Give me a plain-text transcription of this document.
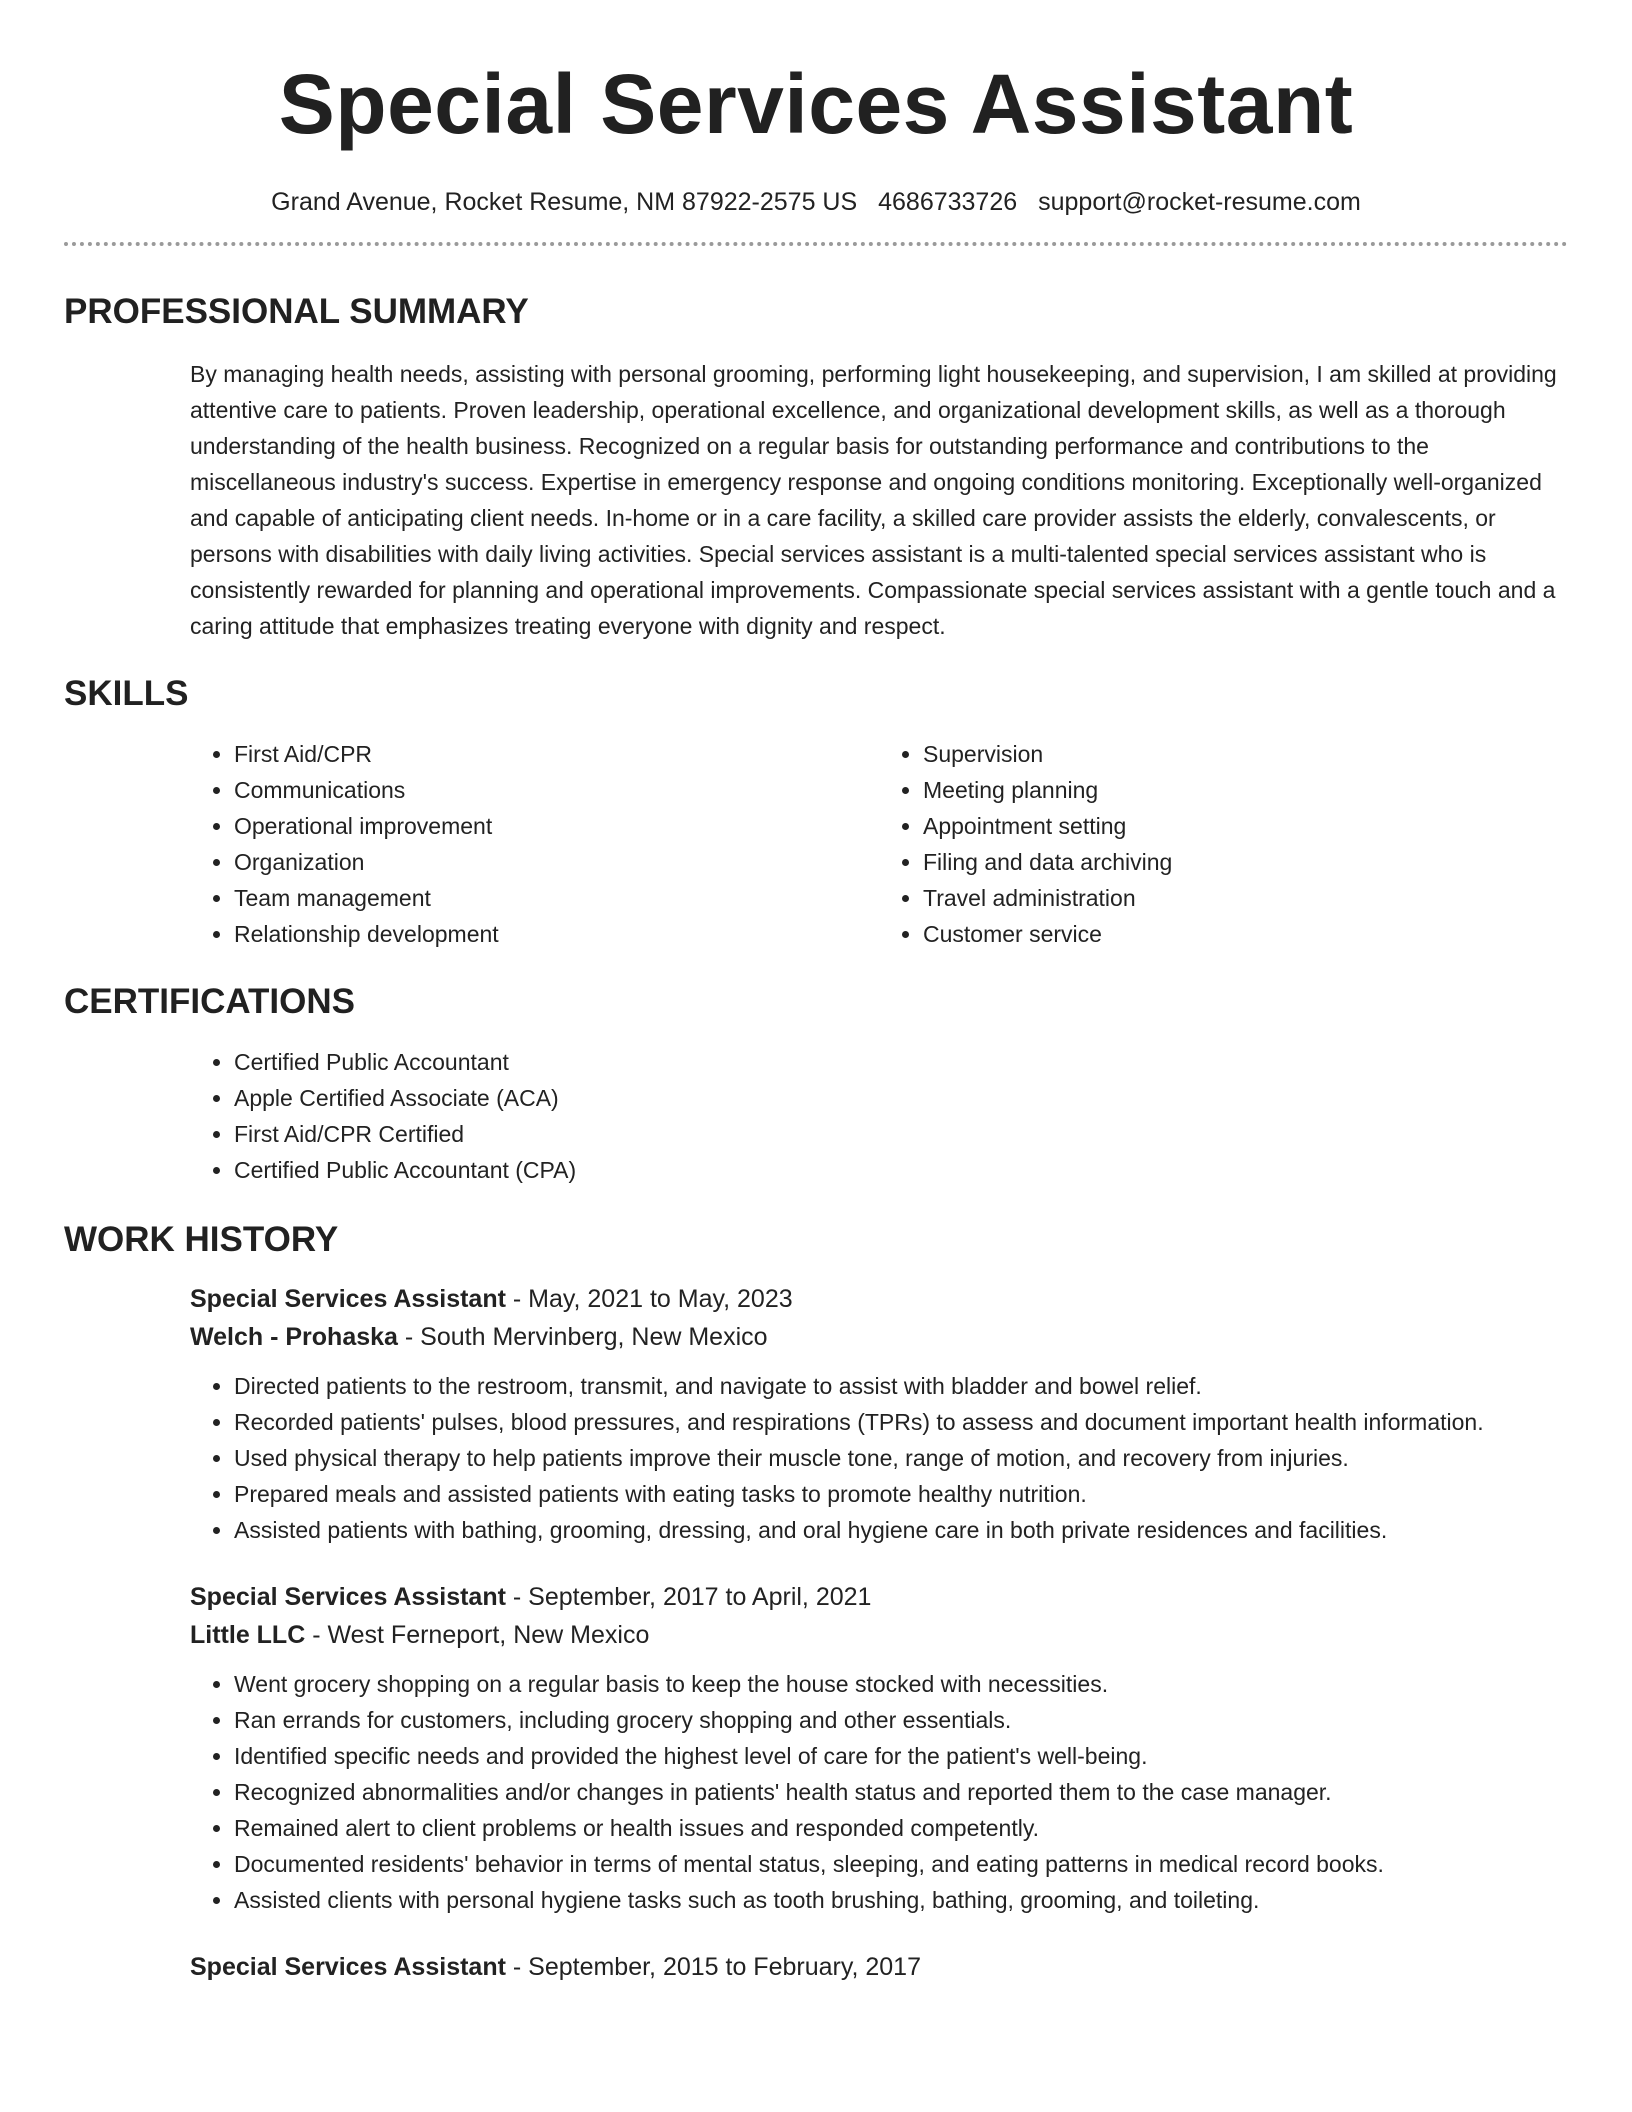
Special Services Assistant
Grand Avenue, Rocket Resume, NM 87922-2575 US 4686733726 support@rocket-resume.com
PROFESSIONAL SUMMARY
By managing health needs, assisting with personal grooming, performing light housekeeping, and supervision, I am skilled at providing attentive care to patients. Proven leadership, operational excellence, and organizational development skills, as well as a thorough understanding of the health business. Recognized on a regular basis for outstanding performance and contributions to the miscellaneous industry's success. Expertise in emergency response and ongoing conditions monitoring. Exceptionally well-organized and capable of anticipating client needs. In-home or in a care facility, a skilled care provider assists the elderly, convalescents, or persons with disabilities with daily living activities. Special services assistant is a multi-talented special services assistant who is consistently rewarded for planning and operational improvements. Compassionate special services assistant with a gentle touch and a caring attitude that emphasizes treating everyone with dignity and respect.
SKILLS
• First Aid/CPR
• Communications
• Operational improvement
• Organization
• Team management
• Relationship development
• Supervision
• Meeting planning
• Appointment setting
• Filing and data archiving
• Travel administration
• Customer service
CERTIFICATIONS
• Certified Public Accountant
• Apple Certified Associate (ACA)
• First Aid/CPR Certified
• Certified Public Accountant (CPA)
WORK HISTORY
Special Services Assistant - May, 2021 to May, 2023
Welch - Prohaska - South Mervinberg, New Mexico
• Directed patients to the restroom, transmit, and navigate to assist with bladder and bowel relief.
• Recorded patients' pulses, blood pressures, and respirations (TPRs) to assess and document important health information.
• Used physical therapy to help patients improve their muscle tone, range of motion, and recovery from injuries.
• Prepared meals and assisted patients with eating tasks to promote healthy nutrition.
• Assisted patients with bathing, grooming, dressing, and oral hygiene care in both private residences and facilities.
Special Services Assistant - September, 2017 to April, 2021
Little LLC - West Ferneport, New Mexico
• Went grocery shopping on a regular basis to keep the house stocked with necessities.
• Ran errands for customers, including grocery shopping and other essentials.
• Identified specific needs and provided the highest level of care for the patient's well-being.
• Recognized abnormalities and/or changes in patients' health status and reported them to the case manager.
• Remained alert to client problems or health issues and responded competently.
• Documented residents' behavior in terms of mental status, sleeping, and eating patterns in medical record books.
• Assisted clients with personal hygiene tasks such as tooth brushing, bathing, grooming, and toileting.
Special Services Assistant - September, 2015 to February, 2017
